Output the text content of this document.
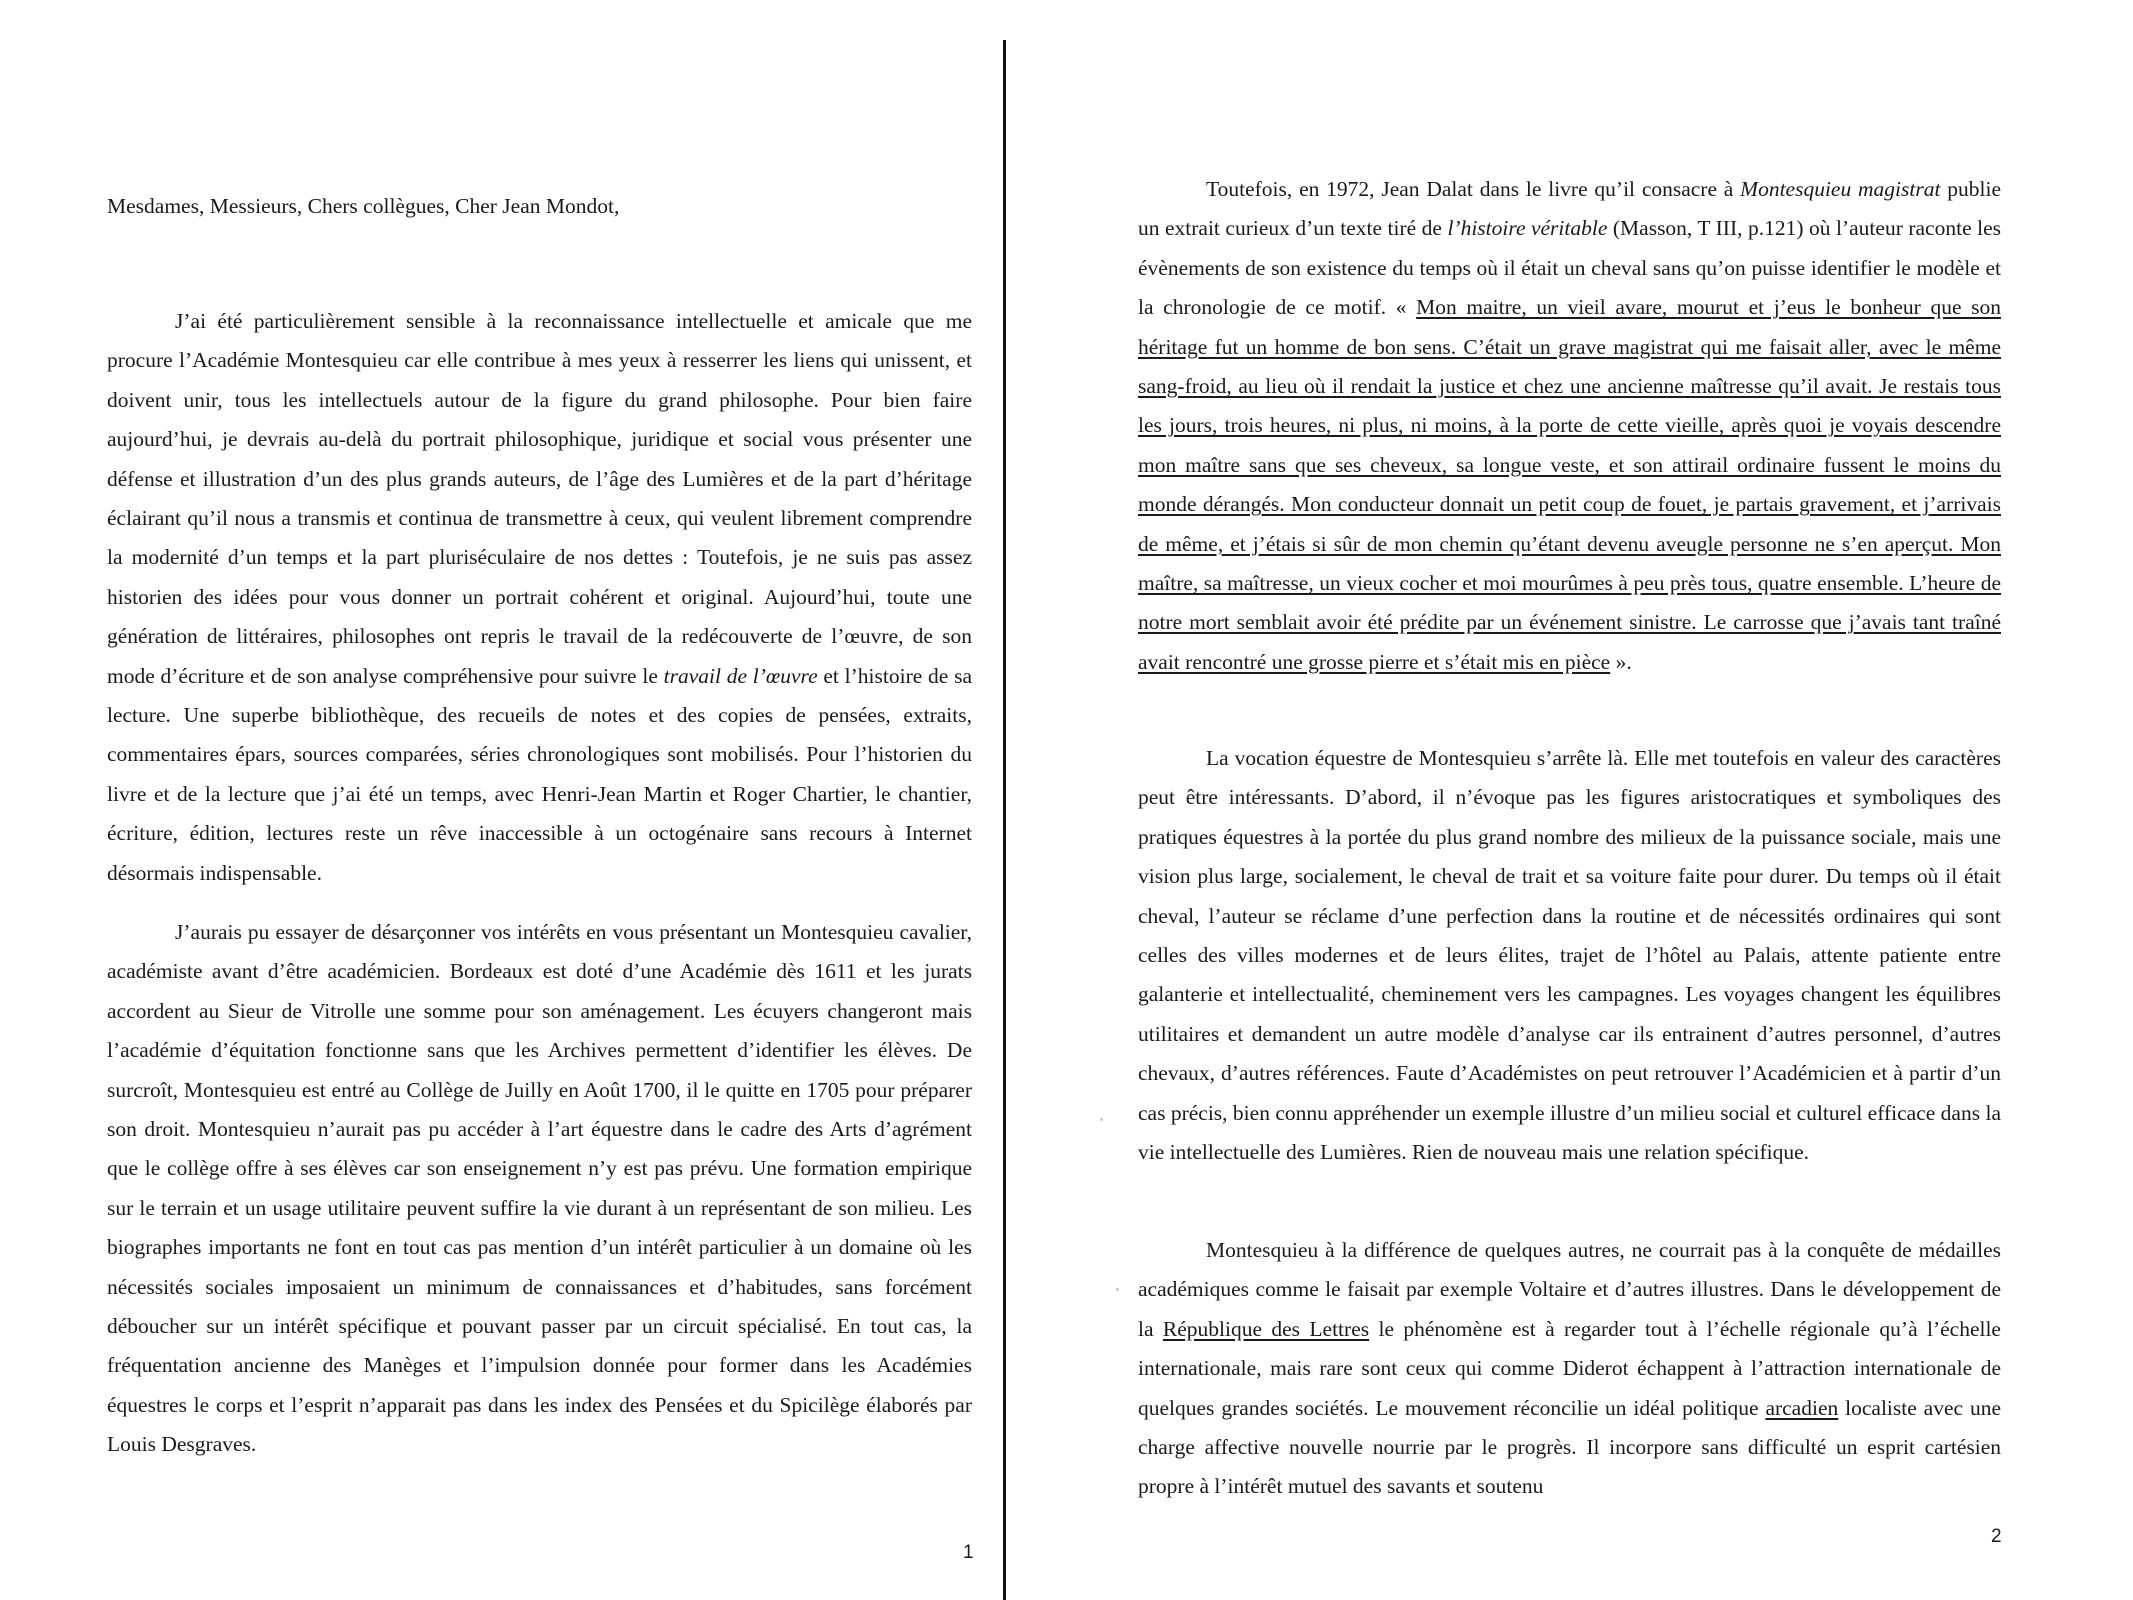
Mesdames, Messieurs, Chers collègues, Cher Jean Mondot,

J’ai été particulièrement sensible à la reconnaissance intellectuelle et amicale que me procure l’Académie Montesquieu car elle contribue à mes yeux à resserrer les liens qui unissent, et doivent unir, tous les intellectuels autour de la figure du grand philosophe. Pour bien faire aujourd’hui, je devrais au-delà du portrait philosophique, juridique et social vous présenter une défense et illustration d’un des plus grands auteurs, de l’âge des Lumières et de la part d’héritage éclairant qu’il nous a transmis et continua de transmettre à ceux, qui veulent librement comprendre la modernité d’un temps et la part pluriséculaire de nos dettes : Toutefois, je ne suis pas assez historien des idées pour vous donner un portrait cohérent et original. Aujourd’hui, toute une génération de littéraires, philosophes ont repris le travail de la redécouverte de l’œuvre, de son mode d’écriture et de son analyse compréhensive pour suivre le travail de l’œuvre et l’histoire de sa lecture. Une superbe bibliothèque, des recueils de notes et des copies de pensées, extraits, commentaires épars, sources comparées, séries chronologiques sont mobilisés. Pour l’historien du livre et de la lecture que j’ai été un temps, avec Henri-Jean Martin et Roger Chartier, le chantier, écriture, édition, lectures reste un rêve inaccessible à un octogénaire sans recours à Internet désormais indispensable.

J’aurais pu essayer de désarçonner vos intérêts en vous présentant un Montesquieu cavalier, académiste avant d’être académicien. Bordeaux est doté d’une Académie dès 1611 et les jurats accordent au Sieur de Vitrolle une somme pour son aménagement. Les écuyers changeront mais l’académie d’équitation fonctionne sans que les Archives permettent d’identifier les élèves. De surcroît, Montesquieu est entré au Collège de Juilly en Août 1700, il le quitte en 1705 pour préparer son droit. Montesquieu n’aurait pas pu accéder à l’art équestre dans le cadre des Arts d’agrément que le collège offre à ses élèves car son enseignement n’y est pas prévu. Une formation empirique sur le terrain et un usage utilitaire peuvent suffire la vie durant à un représentant de son milieu. Les biographes importants ne font en tout cas pas mention d’un intérêt particulier à un domaine où les nécessités sociales imposaient un minimum de connaissances et d’habitudes, sans forcément déboucher sur un intérêt spécifique et pouvant passer par un circuit spécialisé. En tout cas, la fréquentation ancienne des Manèges et l’impulsion donnée pour former dans les Académies équestres le corps et l’esprit n’apparait pas dans les index des Pensées et du Spicilège élaborés par Louis Desgraves.

1

Toutefois, en 1972, Jean Dalat dans le livre qu’il consacre à Montesquieu magistrat publie un extrait curieux d’un texte tiré de l’histoire véritable (Masson, T III, p.121) où l’auteur raconte les évènements de son existence du temps où il était un cheval sans qu’on puisse identifier le modèle et la chronologie de ce motif. « Mon maitre, un vieil avare, mourut et j’eus le bonheur que son héritage fut un homme de bon sens. C’était un grave magistrat qui me faisait aller, avec le même sang-froid, au lieu où il rendait la justice et chez une ancienne maîtresse qu’il avait. Je restais tous les jours, trois heures, ni plus, ni moins, à la porte de cette vieille, après quoi je voyais descendre mon maître sans que ses cheveux, sa longue veste, et son attirail ordinaire fussent le moins du monde dérangés. Mon conducteur donnait un petit coup de fouet, je partais gravement, et j’arrivais de même, et j’étais si sûr de mon chemin qu’étant devenu aveugle personne ne s’en aperçut. Mon maître, sa maîtresse, un vieux cocher et moi mourûmes à peu près tous, quatre ensemble. L’heure de notre mort semblait avoir été prédite par un événement sinistre. Le carrosse que j’avais tant traîné avait rencontré une grosse pierre et s’était mis en pièce ».

La vocation équestre de Montesquieu s’arrête là. Elle met toutefois en valeur des caractères peut être intéressants. D’abord, il n’évoque pas les figures aristocratiques et symboliques des pratiques équestres à la portée du plus grand nombre des milieux de la puissance sociale, mais une vision plus large, socialement, le cheval de trait et sa voiture faite pour durer. Du temps où il était cheval, l’auteur se réclame d’une perfection dans la routine et de nécessités ordinaires qui sont celles des villes modernes et de leurs élites, trajet de l’hôtel au Palais, attente patiente entre galanterie et intellectualité, cheminement vers les campagnes. Les voyages changent les équilibres utilitaires et demandent un autre modèle d’analyse car ils entrainent d’autres personnel, d’autres chevaux, d’autres références. Faute d’Académistes on peut retrouver l’Académicien et à partir d’un cas précis, bien connu appréhender un exemple illustre d’un milieu social et culturel efficace dans la vie intellectuelle des Lumières. Rien de nouveau mais une relation spécifique.

Montesquieu à la différence de quelques autres, ne courrait pas à la conquête de médailles académiques comme le faisait par exemple Voltaire et d’autres illustres. Dans le développement de la République des Lettres le phénomène est à regarder tout à l’échelle régionale qu’à l’échelle internationale, mais rare sont ceux qui comme Diderot échappent à l’attraction internationale de quelques grandes sociétés. Le mouvement réconcilie un idéal politique arcadien localiste avec une charge affective nouvelle nourrie par le progrès. Il incorpore sans difficulté un esprit cartésien propre à l’intérêt mutuel des savants et soutenu

2
